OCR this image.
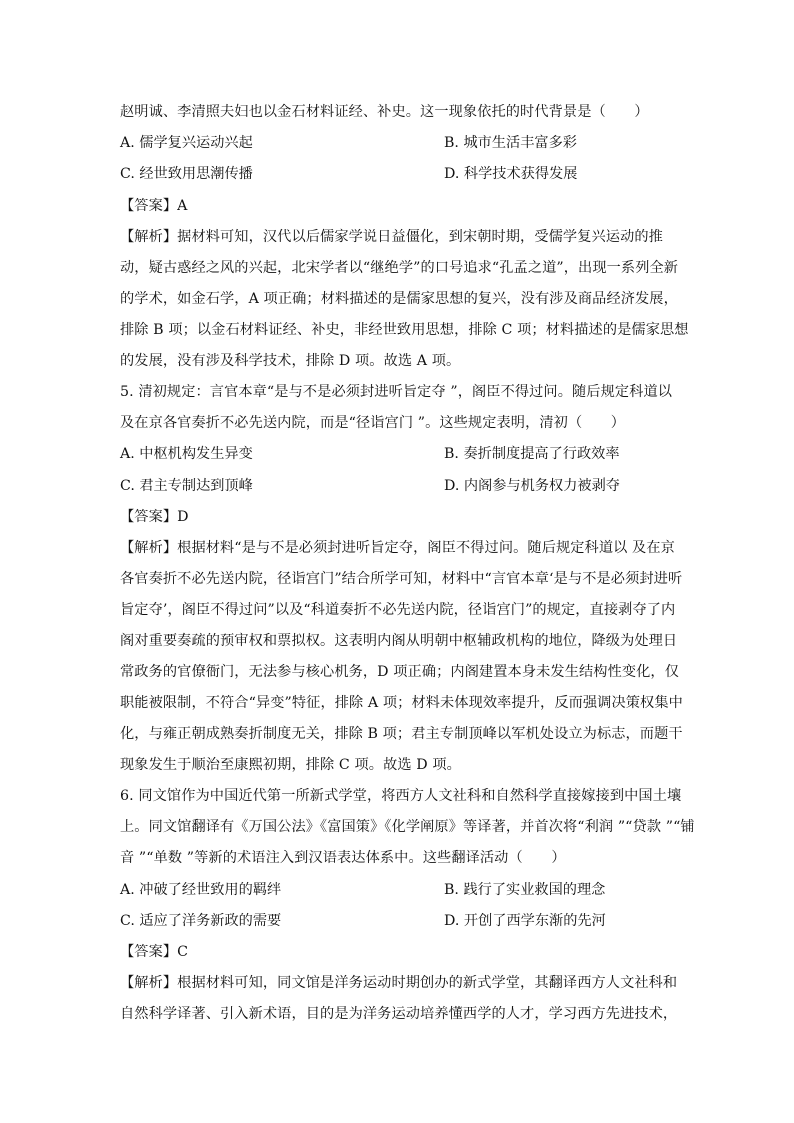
赵明诚、李清照夫妇也以金石材料证经、补史。这一现象依托的时代背景是（　　）
A. 儒学复兴运动兴起	B. 城市生活丰富多彩
C. 经世致用思潮传播	D. 科学技术获得发展
【答案】A
【解析】据材料可知，汉代以后儒家学说日益僵化，到宋朝时期，受儒学复兴运动的推
动，疑古惑经之风的兴起，北宋学者以“继绝学”的口号追求“孔孟之道”，出现一系列全新
的学术，如金石学，A 项正确；材料描述的是儒家思想的复兴，没有涉及商品经济发展，
排除 B 项；以金石材料证经、补史，非经世致用思想，排除 C 项；材料描述的是儒家思想
的发展，没有涉及科学技术，排除 D 项。故选 A 项。
5. 清初规定：言官本章“是与不是必须封进听旨定夺 ”，阁臣不得过问。随后规定科道以
及在京各官奏折不必先送内院，而是“径诣宫门 ”。这些规定表明，清初（　　）
A. 中枢机构发生异变	B. 奏折制度提高了行政效率
C. 君主专制达到顶峰	D. 内阁参与机务权力被剥夺
【答案】D
【解析】根据材料“是与不是必须封进听旨定夺，阁臣不得过问。随后规定科道以 及在京
各官奏折不必先送内院，径诣宫门”结合所学可知，材料中“言官本章‘是与不是必须封进听
旨定夺’，阁臣不得过问”以及“科道奏折不必先送内院，径诣宫门”的规定，直接剥夺了内
阁对重要奏疏的预审权和票拟权。这表明内阁从明朝中枢辅政机构的地位，降级为处理日
常政务的官僚衙门，无法参与核心机务，D 项正确；内阁建置本身未发生结构性变化，仅
职能被限制，不符合“异变”特征，排除 A 项；材料未体现效率提升，反而强调决策权集中
化，与雍正朝成熟奏折制度无关，排除 B 项；君主专制顶峰以军机处设立为标志，而题干
现象发生于顺治至康熙初期，排除 C 项。故选 D 项。
6. 同文馆作为中国近代第一所新式学堂，将西方人文社科和自然科学直接嫁接到中国土壤
上。同文馆翻译有《万国公法》《富国策》《化学阐原》等译著，并首次将“利润 ”“贷款 ”“铺
音 ”“单数 ”等新的术语注入到汉语表达体系中。这些翻译活动（　　）
A. 冲破了经世致用的羁绊	B. 践行了实业救国的理念
C. 适应了洋务新政的需要	D. 开创了西学东渐的先河
【答案】C
【解析】根据材料可知，同文馆是洋务运动时期创办的新式学堂，其翻译西方人文社科和
自然科学译著、引入新术语，目的是为洋务运动培养懂西学的人才，学习西方先进技术，
